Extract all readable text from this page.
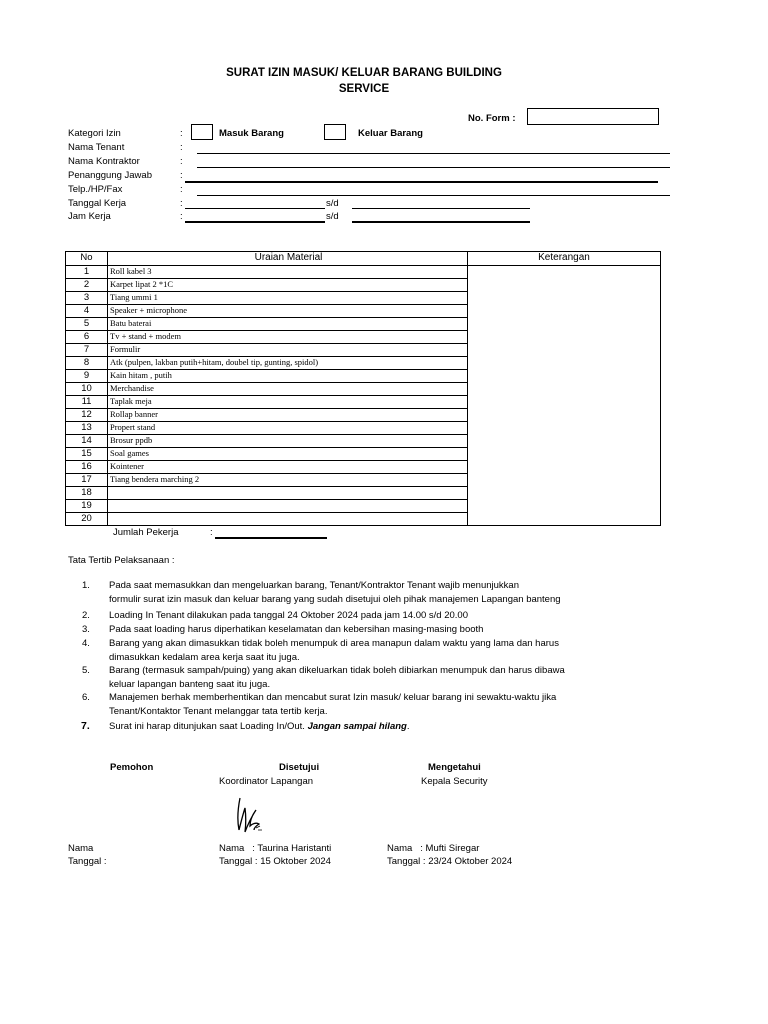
SURAT IZIN MASUK/ KELUAR BARANG BUILDING
SERVICE
No. Form :
Kategori Izin	:	Masuk Barang	Keluar Barang
Nama Tenant	:
Nama Kontraktor	:
Penanggung Jawab	:
Telp./HP/Fax	:
Tanggal Kerja	:	s/d
Jam Kerja	:	s/d
No	Uraian Material	Keterangan
1	Roll kabel 3	
2	Karpet lipat 2 *1C	
3	Tiang ummi 1	
4	Speaker + microphone	
5	Batu baterai	
6	Tv + stand + modem	
7	Formulir	
8	Atk (pulpen, lakban putih+hitam, doubel tip, gunting, spidol)	
9	Kain hitam , putih	
10	Merchandise	
11	Taplak meja	
12	Rollap banner	
13	Propert stand	
14	Brosur ppdb	
15	Soal games	
16	Kointener	
17	Tiang bendera marching 2	
18		
19		
20		
Jumlah Pekerja	:
Tata Tertib Pelaksanaan :
1. Pada saat memasukkan dan mengeluarkan barang, Tenant/Kontraktor Tenant wajib menunjukkan
formulir surat izin masuk dan keluar barang yang sudah disetujui oleh pihak manajemen Lapangan banteng
2. Loading In Tenant dilakukan pada tanggal 24 Oktober 2024 pada jam 14.00 s/d 20.00
3. Pada saat loading harus diperhatikan keselamatan dan kebersihan masing-masing booth
4. Barang yang akan dimasukkan tidak boleh menumpuk di area manapun dalam waktu yang lama dan harus
dimasukkan kedalam area kerja saat itu juga.
5. Barang (termasuk sampah/puing) yang akan dikeluarkan tidak boleh dibiarkan menumpuk dan harus dibawa
keluar lapangan banteng saat itu juga.
6. Manajemen berhak memberhentikan dan mencabut surat Izin masuk/ keluar barang ini sewaktu-waktu jika
Tenant/Kontaktor Tenant melanggar tata tertib kerja.
7. Surat ini harap ditunjukan saat Loading In/Out. Jangan sampai hilang.
Pemohon	Disetujui
Koordinator Lapangan
Mengetahui
Kepala Security
Nama
Tanggal :
Nama   : Taurina Haristanti
Tanggal : 15 Oktober 2024
Nama   : Mufti Siregar
Tanggal : 23/24 Oktober 2024
